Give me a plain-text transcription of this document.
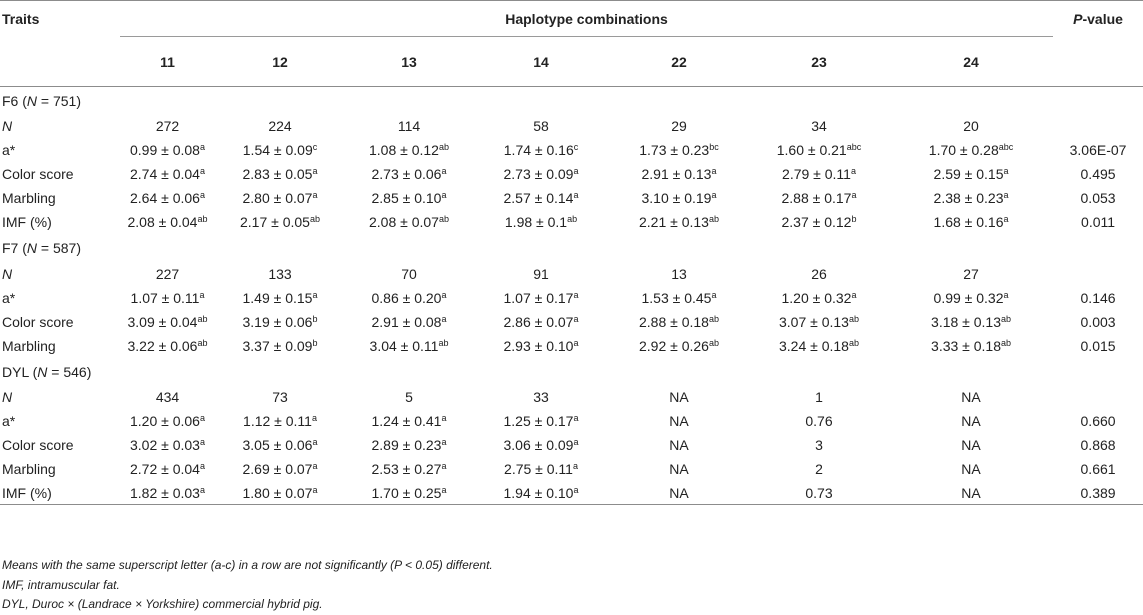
Traits	Haplotype combinations							P-value
	11	12	13	14	22	23	24	
F6 (N = 751)								
N	272	224	114	58	29	34	20	
a*	0.99 ± 0.08$^a$	1.54 ± 0.09$^c$	1.08 ± 0.12$^{ab}$	1.74 ± 0.16$^c$	1.73 ± 0.23$^{bc}$	1.60 ± 0.21$^{abc}$	1.70 ± 0.28$^{abc}$	3.06E-07
Color score	2.74 ± 0.04$^a$	2.83 ± 0.05$^a$	2.73 ± 0.06$^a$	2.73 ± 0.09$^a$	2.91 ± 0.13$^a$	2.79 ± 0.11$^a$	2.59 ± 0.15$^a$	0.495
Marbling	2.64 ± 0.06$^a$	2.80 ± 0.07$^a$	2.85 ± 0.10$^a$	2.57 ± 0.14$^a$	3.10 ± 0.19$^a$	2.88 ± 0.17$^a$	2.38 ± 0.23$^a$	0.053
IMF (%)	2.08 ± 0.04$^{ab}$	2.17 ± 0.05$^{ab}$	2.08 ± 0.07$^{ab}$	1.98 ± 0.1$^{ab}$	2.21 ± 0.13$^{ab}$	2.37 ± 0.12$^b$	1.68 ± 0.16$^a$	0.011
F7 (N = 587)								
N	227	133	70	91	13	26	27	
a*	1.07 ± 0.11$^a$	1.49 ± 0.15$^a$	0.86 ± 0.20$^a$	1.07 ± 0.17$^a$	1.53 ± 0.45$^a$	1.20 ± 0.32$^a$	0.99 ± 0.32$^a$	0.146
Color score	3.09 ± 0.04$^{ab}$	3.19 ± 0.06$^b$	2.91 ± 0.08$^a$	2.86 ± 0.07$^a$	2.88 ± 0.18$^{ab}$	3.07 ± 0.13$^{ab}$	3.18 ± 0.13$^{ab}$	0.003
Marbling	3.22 ± 0.06$^{ab}$	3.37 ± 0.09$^b$	3.04 ± 0.11$^{ab}$	2.93 ± 0.10$^a$	2.92 ± 0.26$^{ab}$	3.24 ± 0.18$^{ab}$	3.33 ± 0.18$^{ab}$	0.015
DYL (N = 546)								
N	434	73	5	33	NA	1	NA	
a*	1.20 ± 0.06$^a$	1.12 ± 0.11$^a$	1.24 ± 0.41$^a$	1.25 ± 0.17$^a$	NA	0.76	NA	0.660
Color score	3.02 ± 0.03$^a$	3.05 ± 0.06$^a$	2.89 ± 0.23$^a$	3.06 ± 0.09$^a$	NA	3	NA	0.868
Marbling	2.72 ± 0.04$^a$	2.69 ± 0.07$^a$	2.53 ± 0.27$^a$	2.75 ± 0.11$^a$	NA	2	NA	0.661
IMF (%)	1.82 ± 0.03$^a$	1.80 ± 0.07$^a$	1.70 ± 0.25$^a$	1.94 ± 0.10$^a$	NA	0.73	NA	0.389
Means with the same superscript letter (a-c) in a row are not significantly (P < 0.05) different.
IMF, intramuscular fat.
DYL, Duroc × (Landrace × Yorkshire) commercial hybrid pig.
